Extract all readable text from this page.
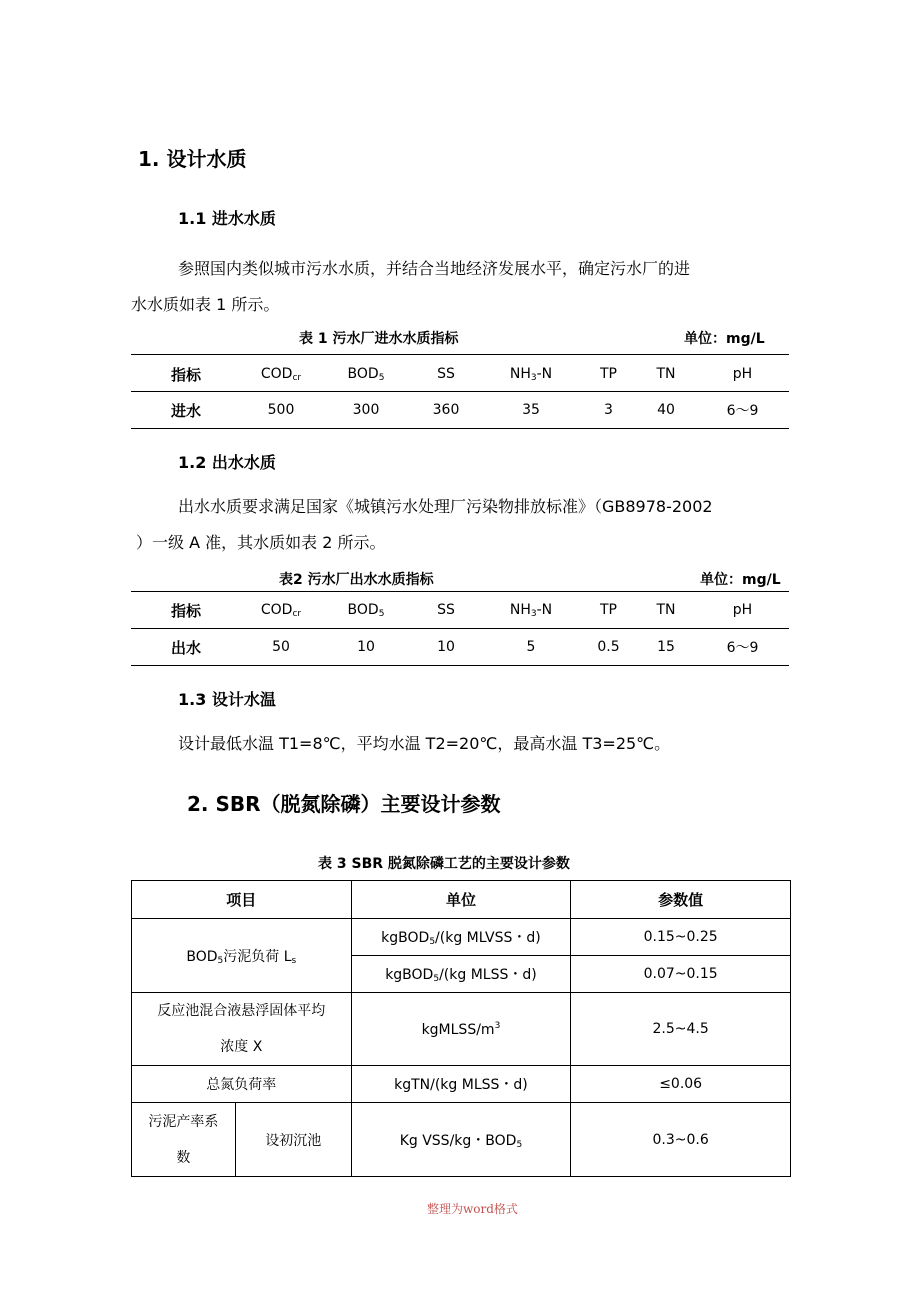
1. 设计水质
1.1 进水水质
参照国内类似城市污水水质，并结合当地经济发展水平，确定污水厂的进
水水质如表 1 所示。
表 1 污水厂进水水质指标	单位：mg/L
指标	$COD_{cr}$	$BOD_5$	SS	$NH_3-N$	TP	TN	pH
进水	500	300	360	35	3	40	6～9
1.2 出水水质
出水水质要求满足国家《城镇污水处理厂污染物排放标准》（GB8978-2002
）一级 A 准，其水质如表 2 所示。
表2 污水厂出水水质指标	单位：mg/L
指标	$COD_{cr}$	$BOD_5$	SS	$NH_3-N$	TP	TN	pH
出水	50	10	10	5	0.5	15	6～9
1.3 设计水温
设计最低水温 T1=8℃，平均水温 T2=20℃，最高水温 T3=25℃。
2. SBR（脱氮除磷）主要设计参数
表 3 SBR 脱氮除磷工艺的主要设计参数
项目		单位	参数值
$BOD_5$污泥负荷 $L_s$		kgBOD$_5$/(kg MLVSS・d)	0.15~0.25
		kgBOD$_5$/(kg MLSS・d)	0.07~0.15
反应池混合液悬浮固体平均
浓度 X		kgMLSS/$m^3$	2.5~4.5
总氮负荷率		kgTN/(kg MLSS・d)	≤0.06
污泥产率系
数	设初沉池	Kg VSS/kg・$BOD_5$	0.3~0.6
整理为word格式
